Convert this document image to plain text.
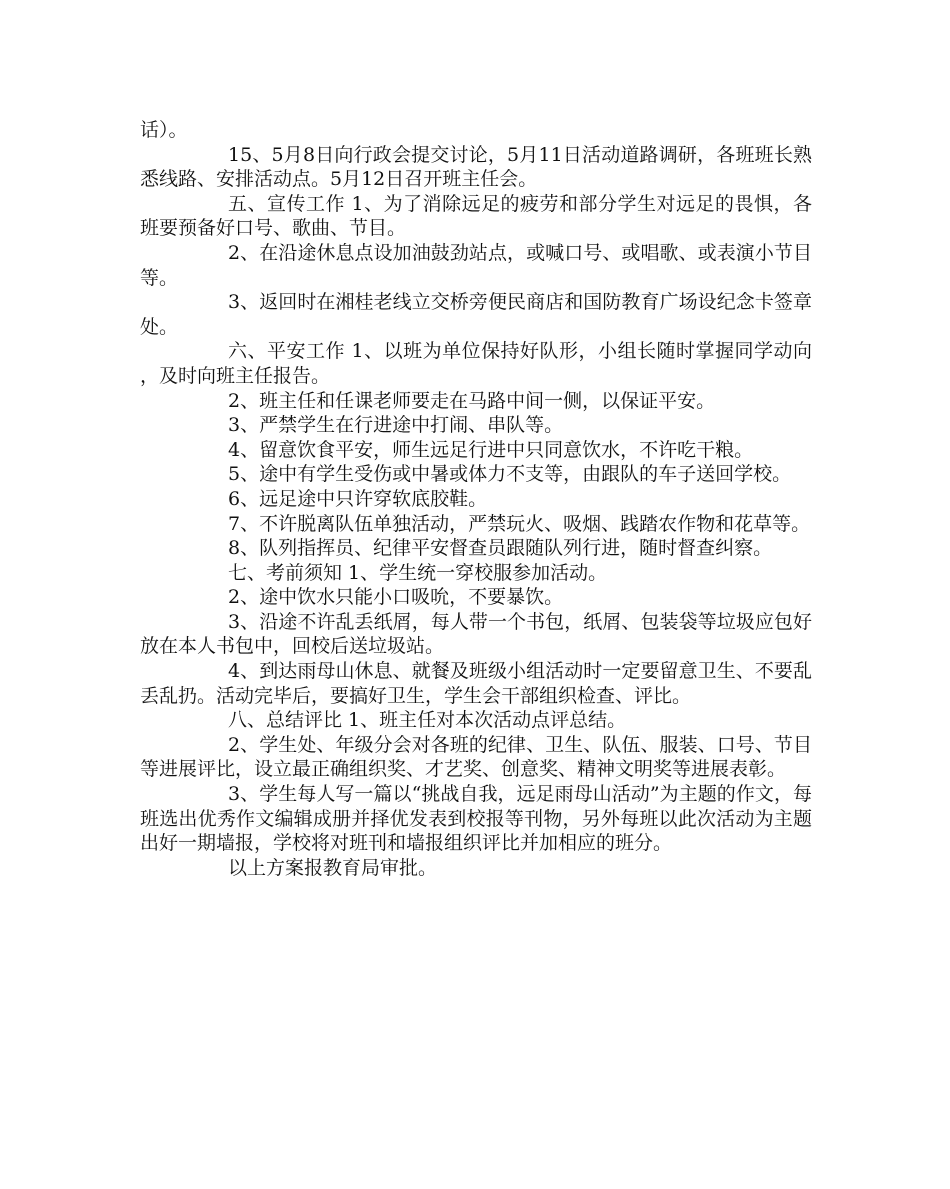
话）。

15、5月8日向行政会提交讨论，5月11日活动道路调研，各班班长熟悉线路、安排活动点。5月12日召开班主任会。

五、宣传工作 1、为了消除远足的疲劳和部分学生对远足的畏惧，各班要预备好口号、歌曲、节目。

2、在沿途休息点设加油鼓劲站点，或喊口号、或唱歌、或表演小节目等。

3、返回时在湘桂老线立交桥旁便民商店和国防教育广场设纪念卡签章处。

六、平安工作 1、以班为单位保持好队形，小组长随时掌握同学动向，及时向班主任报告。

2、班主任和任课老师要走在马路中间一侧，以保证平安。

3、严禁学生在行进途中打闹、串队等。

4、留意饮食平安，师生远足行进中只同意饮水，不许吃干粮。

5、途中有学生受伤或中暑或体力不支等，由跟队的车子送回学校。

6、远足途中只许穿软底胶鞋。

7、不许脱离队伍单独活动，严禁玩火、吸烟、践踏农作物和花草等。

8、队列指挥员、纪律平安督查员跟随队列行进，随时督查纠察。

七、考前须知 1、学生统一穿校服参加活动。

2、途中饮水只能小口吸吮，不要暴饮。

3、沿途不许乱丢纸屑，每人带一个书包，纸屑、包装袋等垃圾应包好放在本人书包中，回校后送垃圾站。

4、到达雨母山休息、就餐及班级小组活动时一定要留意卫生、不要乱丢乱扔。活动完毕后，要搞好卫生，学生会干部组织检查、评比。

八、总结评比 1、班主任对本次活动点评总结。

2、学生处、年级分会对各班的纪律、卫生、队伍、服装、口号、节目等进展评比，设立最正确组织奖、才艺奖、创意奖、精神文明奖等进展表彰。

3、学生每人写一篇以“挑战自我，远足雨母山活动”为主题的作文，每班选出优秀作文编辑成册并择优发表到校报等刊物，另外每班以此次活动为主题出好一期墙报，学校将对班刊和墙报组织评比并加相应的班分。

以上方案报教育局审批。
